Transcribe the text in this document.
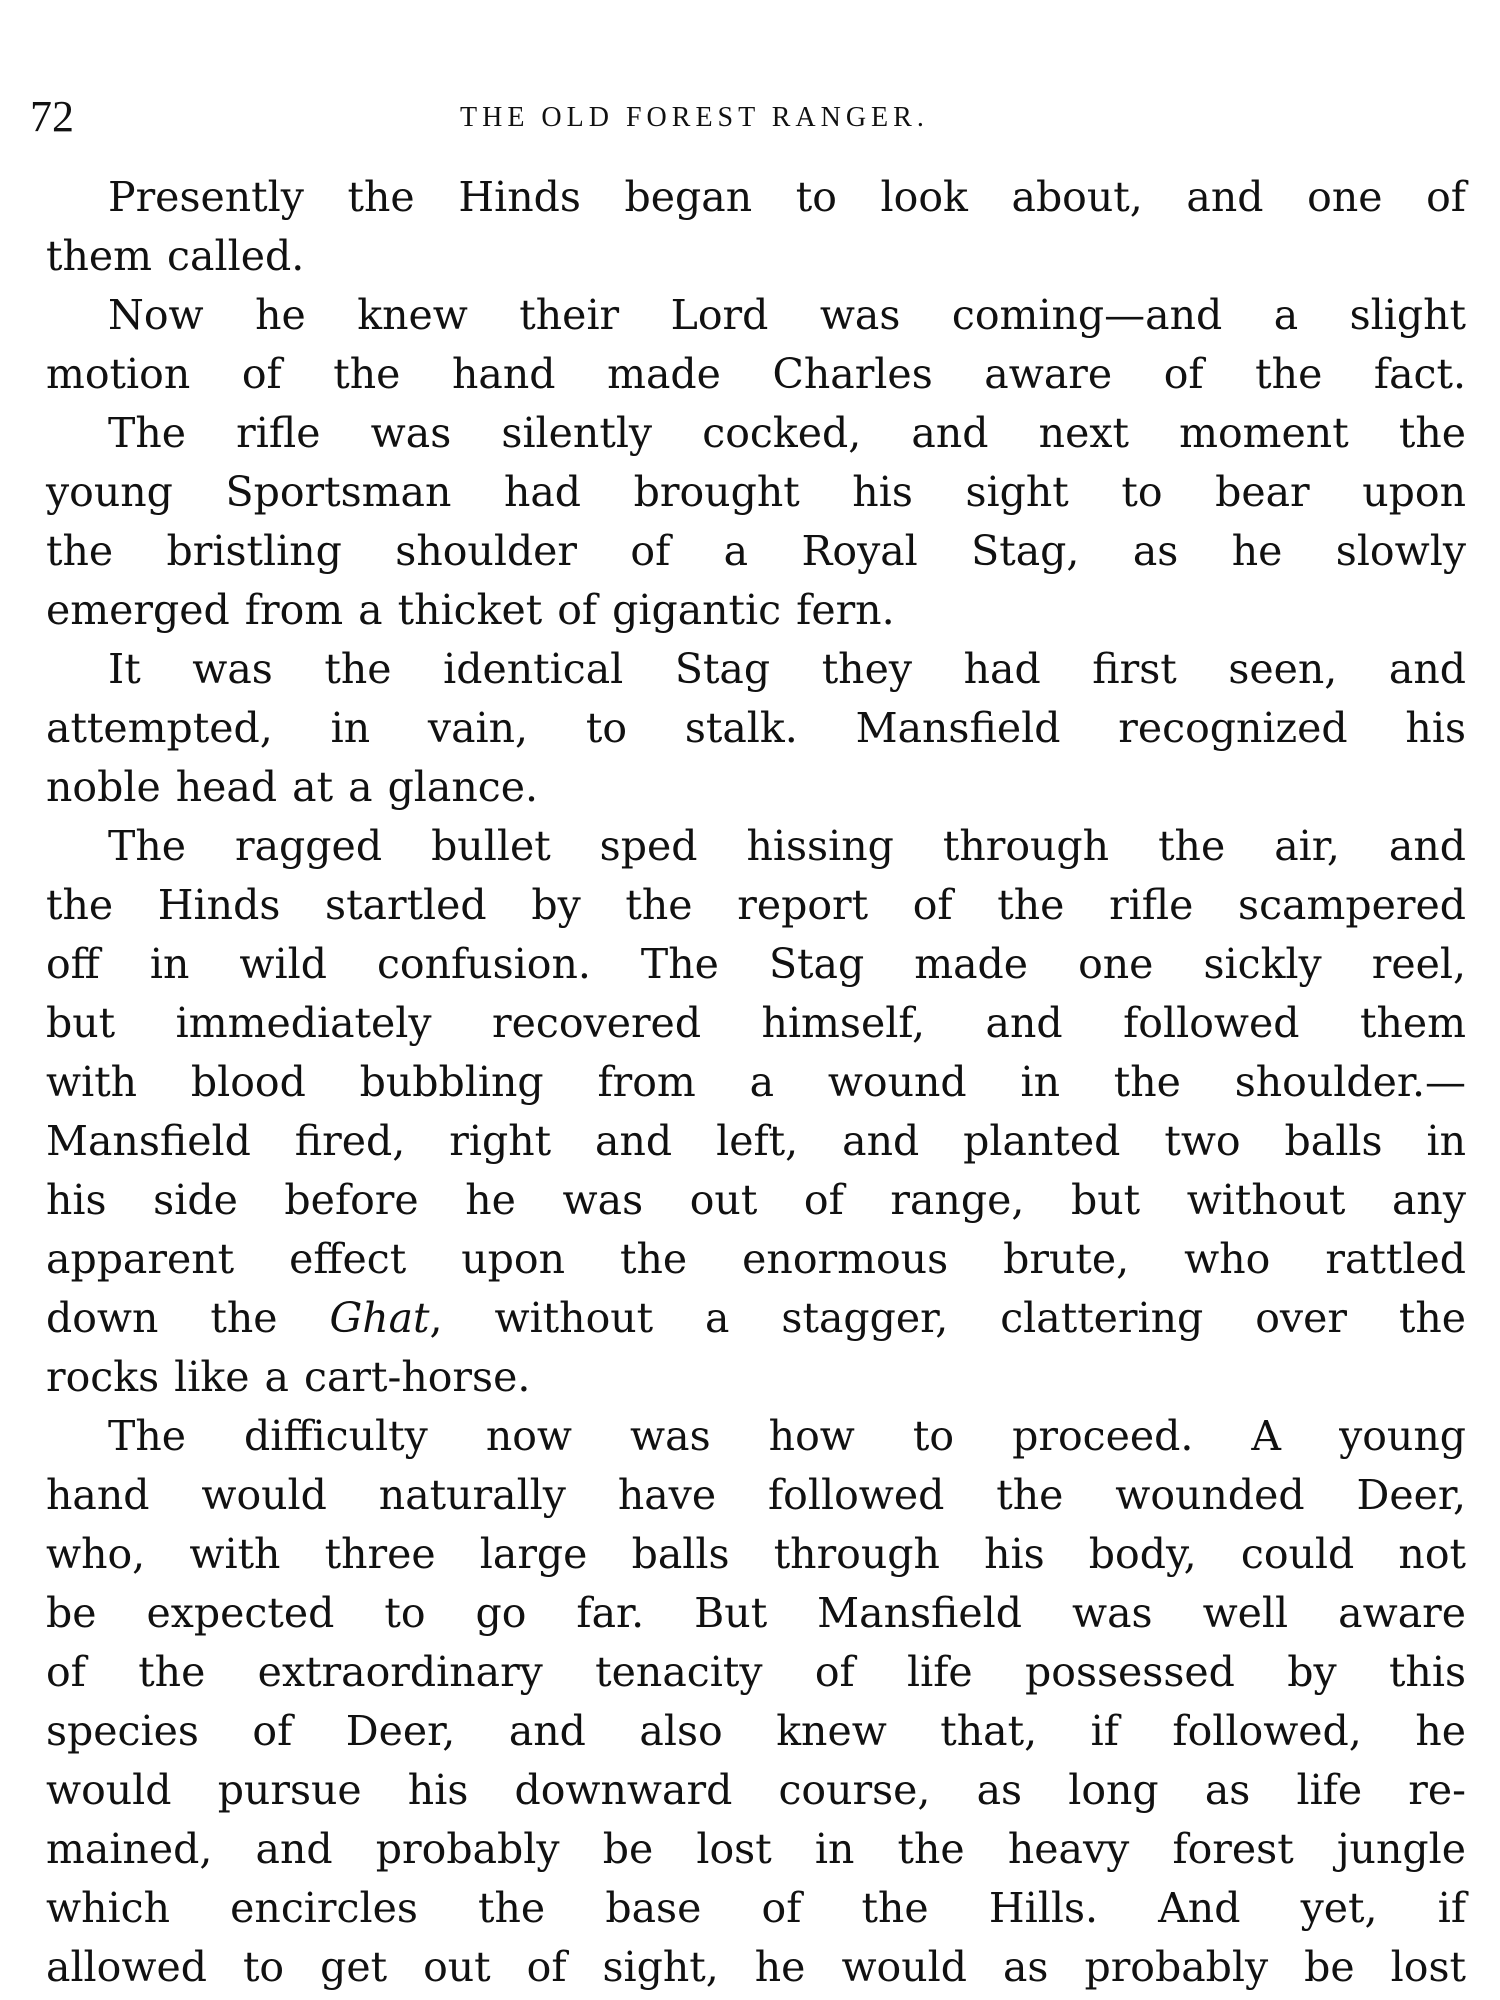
72	THE OLD FOREST RANGER.
Presently the Hinds began to look about, and one of
them called.
Now he knew their Lord was coming—and a slight
motion of the hand made Charles aware of the fact.
The rifle was silently cocked, and next moment the
young Sportsman had brought his sight to bear upon
the bristling shoulder of a Royal Stag, as he slowly
emerged from a thicket of gigantic fern.
It was the identical Stag they had first seen, and
attempted, in vain, to stalk. Mansfield recognized his
noble head at a glance.
The ragged bullet sped hissing through the air, and
the Hinds startled by the report of the rifle scampered
off in wild confusion. The Stag made one sickly reel,
but immediately recovered himself, and followed them
with blood bubbling from a wound in the shoulder.—
Mansfield fired, right and left, and planted two balls in
his side before he was out of range, but without any
apparent effect upon the enormous brute, who rattled
down the Ghat, without a stagger, clattering over the
rocks like a cart-horse.
The difficulty now was how to proceed. A young
hand would naturally have followed the wounded Deer,
who, with three large balls through his body, could not
be expected to go far. But Mansfield was well aware
of the extraordinary tenacity of life possessed by this
species of Deer, and also knew that, if followed, he
would pursue his downward course, as long as life re-
mained, and probably be lost in the heavy forest jungle
which encircles the base of the Hills. And yet, if
allowed to get out of sight, he would as probably be lost
